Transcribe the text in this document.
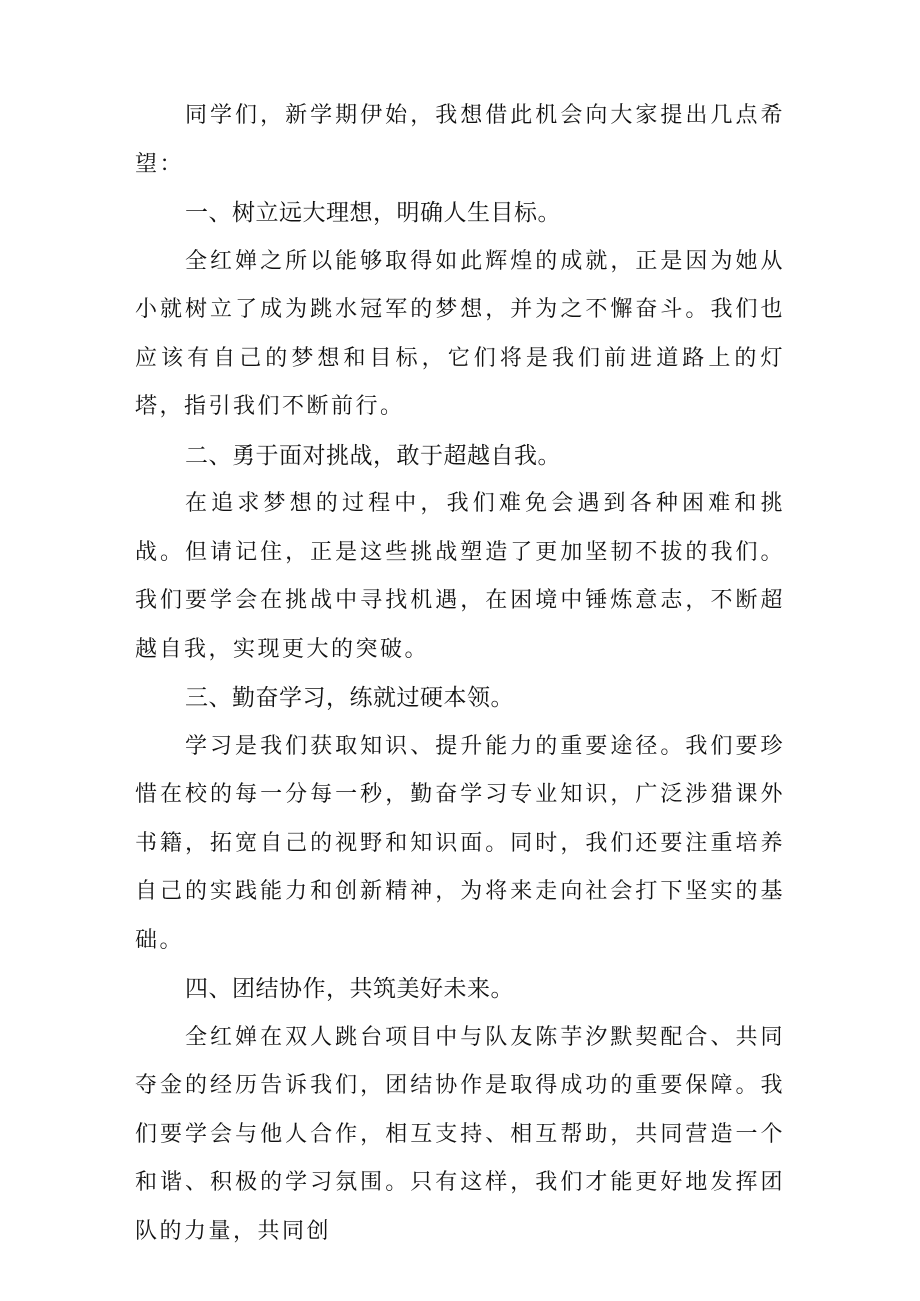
同学们，新学期伊始，我想借此机会向大家提出几点希望：

一、树立远大理想，明确人生目标。

全红婵之所以能够取得如此辉煌的成就，正是因为她从小就树立了成为跳水冠军的梦想，并为之不懈奋斗。我们也应该有自己的梦想和目标，它们将是我们前进道路上的灯塔，指引我们不断前行。

二、勇于面对挑战，敢于超越自我。

在追求梦想的过程中，我们难免会遇到各种困难和挑战。但请记住，正是这些挑战塑造了更加坚韧不拔的我们。我们要学会在挑战中寻找机遇，在困境中锤炼意志，不断超越自我，实现更大的突破。

三、勤奋学习，练就过硬本领。

学习是我们获取知识、提升能力的重要途径。我们要珍惜在校的每一分每一秒，勤奋学习专业知识，广泛涉猎课外书籍，拓宽自己的视野和知识面。同时，我们还要注重培养自己的实践能力和创新精神，为将来走向社会打下坚实的基础。

四、团结协作，共筑美好未来。

全红婵在双人跳台项目中与队友陈芋汐默契配合、共同夺金的经历告诉我们，团结协作是取得成功的重要保障。我们要学会与他人合作，相互支持、相互帮助，共同营造一个和谐、积极的学习氛围。只有这样，我们才能更好地发挥团队的力量，共同创
